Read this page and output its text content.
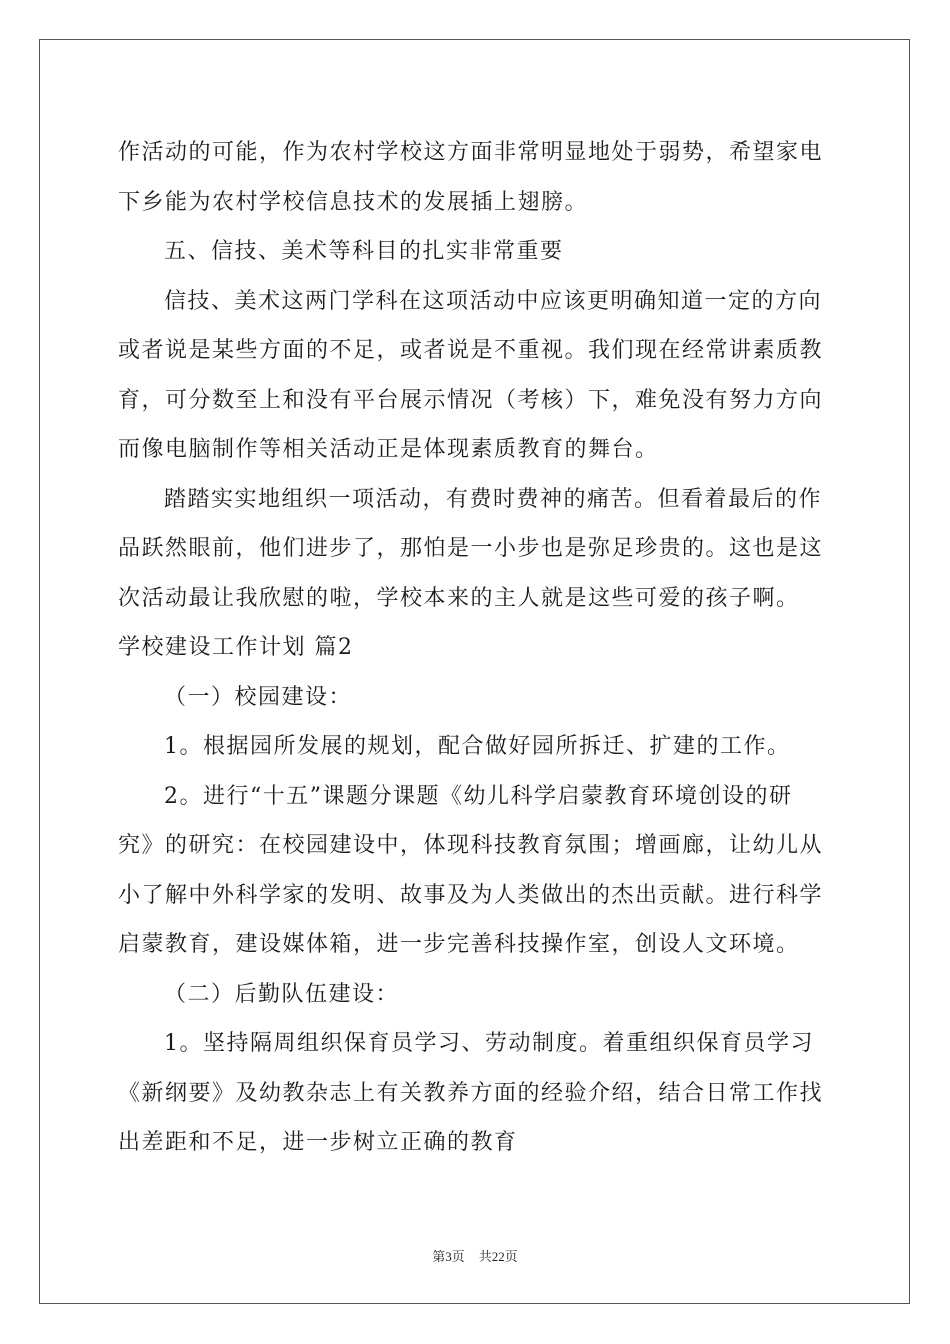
作活动的可能，作为农村学校这方面非常明显地处于弱势，希望家电
下乡能为农村学校信息技术的发展插上翅膀。
五、信技、美术等科目的扎实非常重要
信技、美术这两门学科在这项活动中应该更明确知道一定的方向
或者说是某些方面的不足，或者说是不重视。我们现在经常讲素质教
育，可分数至上和没有平台展示情况（考核）下，难免没有努力方向
而像电脑制作等相关活动正是体现素质教育的舞台。
踏踏实实地组织一项活动，有费时费神的痛苦。但看着最后的作
品跃然眼前，他们进步了，那怕是一小步也是弥足珍贵的。这也是这
次活动最让我欣慰的啦，学校本来的主人就是这些可爱的孩子啊。
学校建设工作计划 篇2
（一）校园建设：
1。根据园所发展的规划，配合做好园所拆迁、扩建的工作。
2。进行“十五”课题分课题《幼儿科学启蒙教育环境创设的研
究》的研究：在校园建设中，体现科技教育氛围；增画廊，让幼儿从
小了解中外科学家的发明、故事及为人类做出的杰出贡献。进行科学
启蒙教育，建设媒体箱，进一步完善科技操作室，创设人文环境。
（二）后勤队伍建设：
1。坚持隔周组织保育员学习、劳动制度。着重组织保育员学习
《新纲要》及幼教杂志上有关教养方面的经验介绍，结合日常工作找
出差距和不足，进一步树立正确的教育
第3页 共22页
